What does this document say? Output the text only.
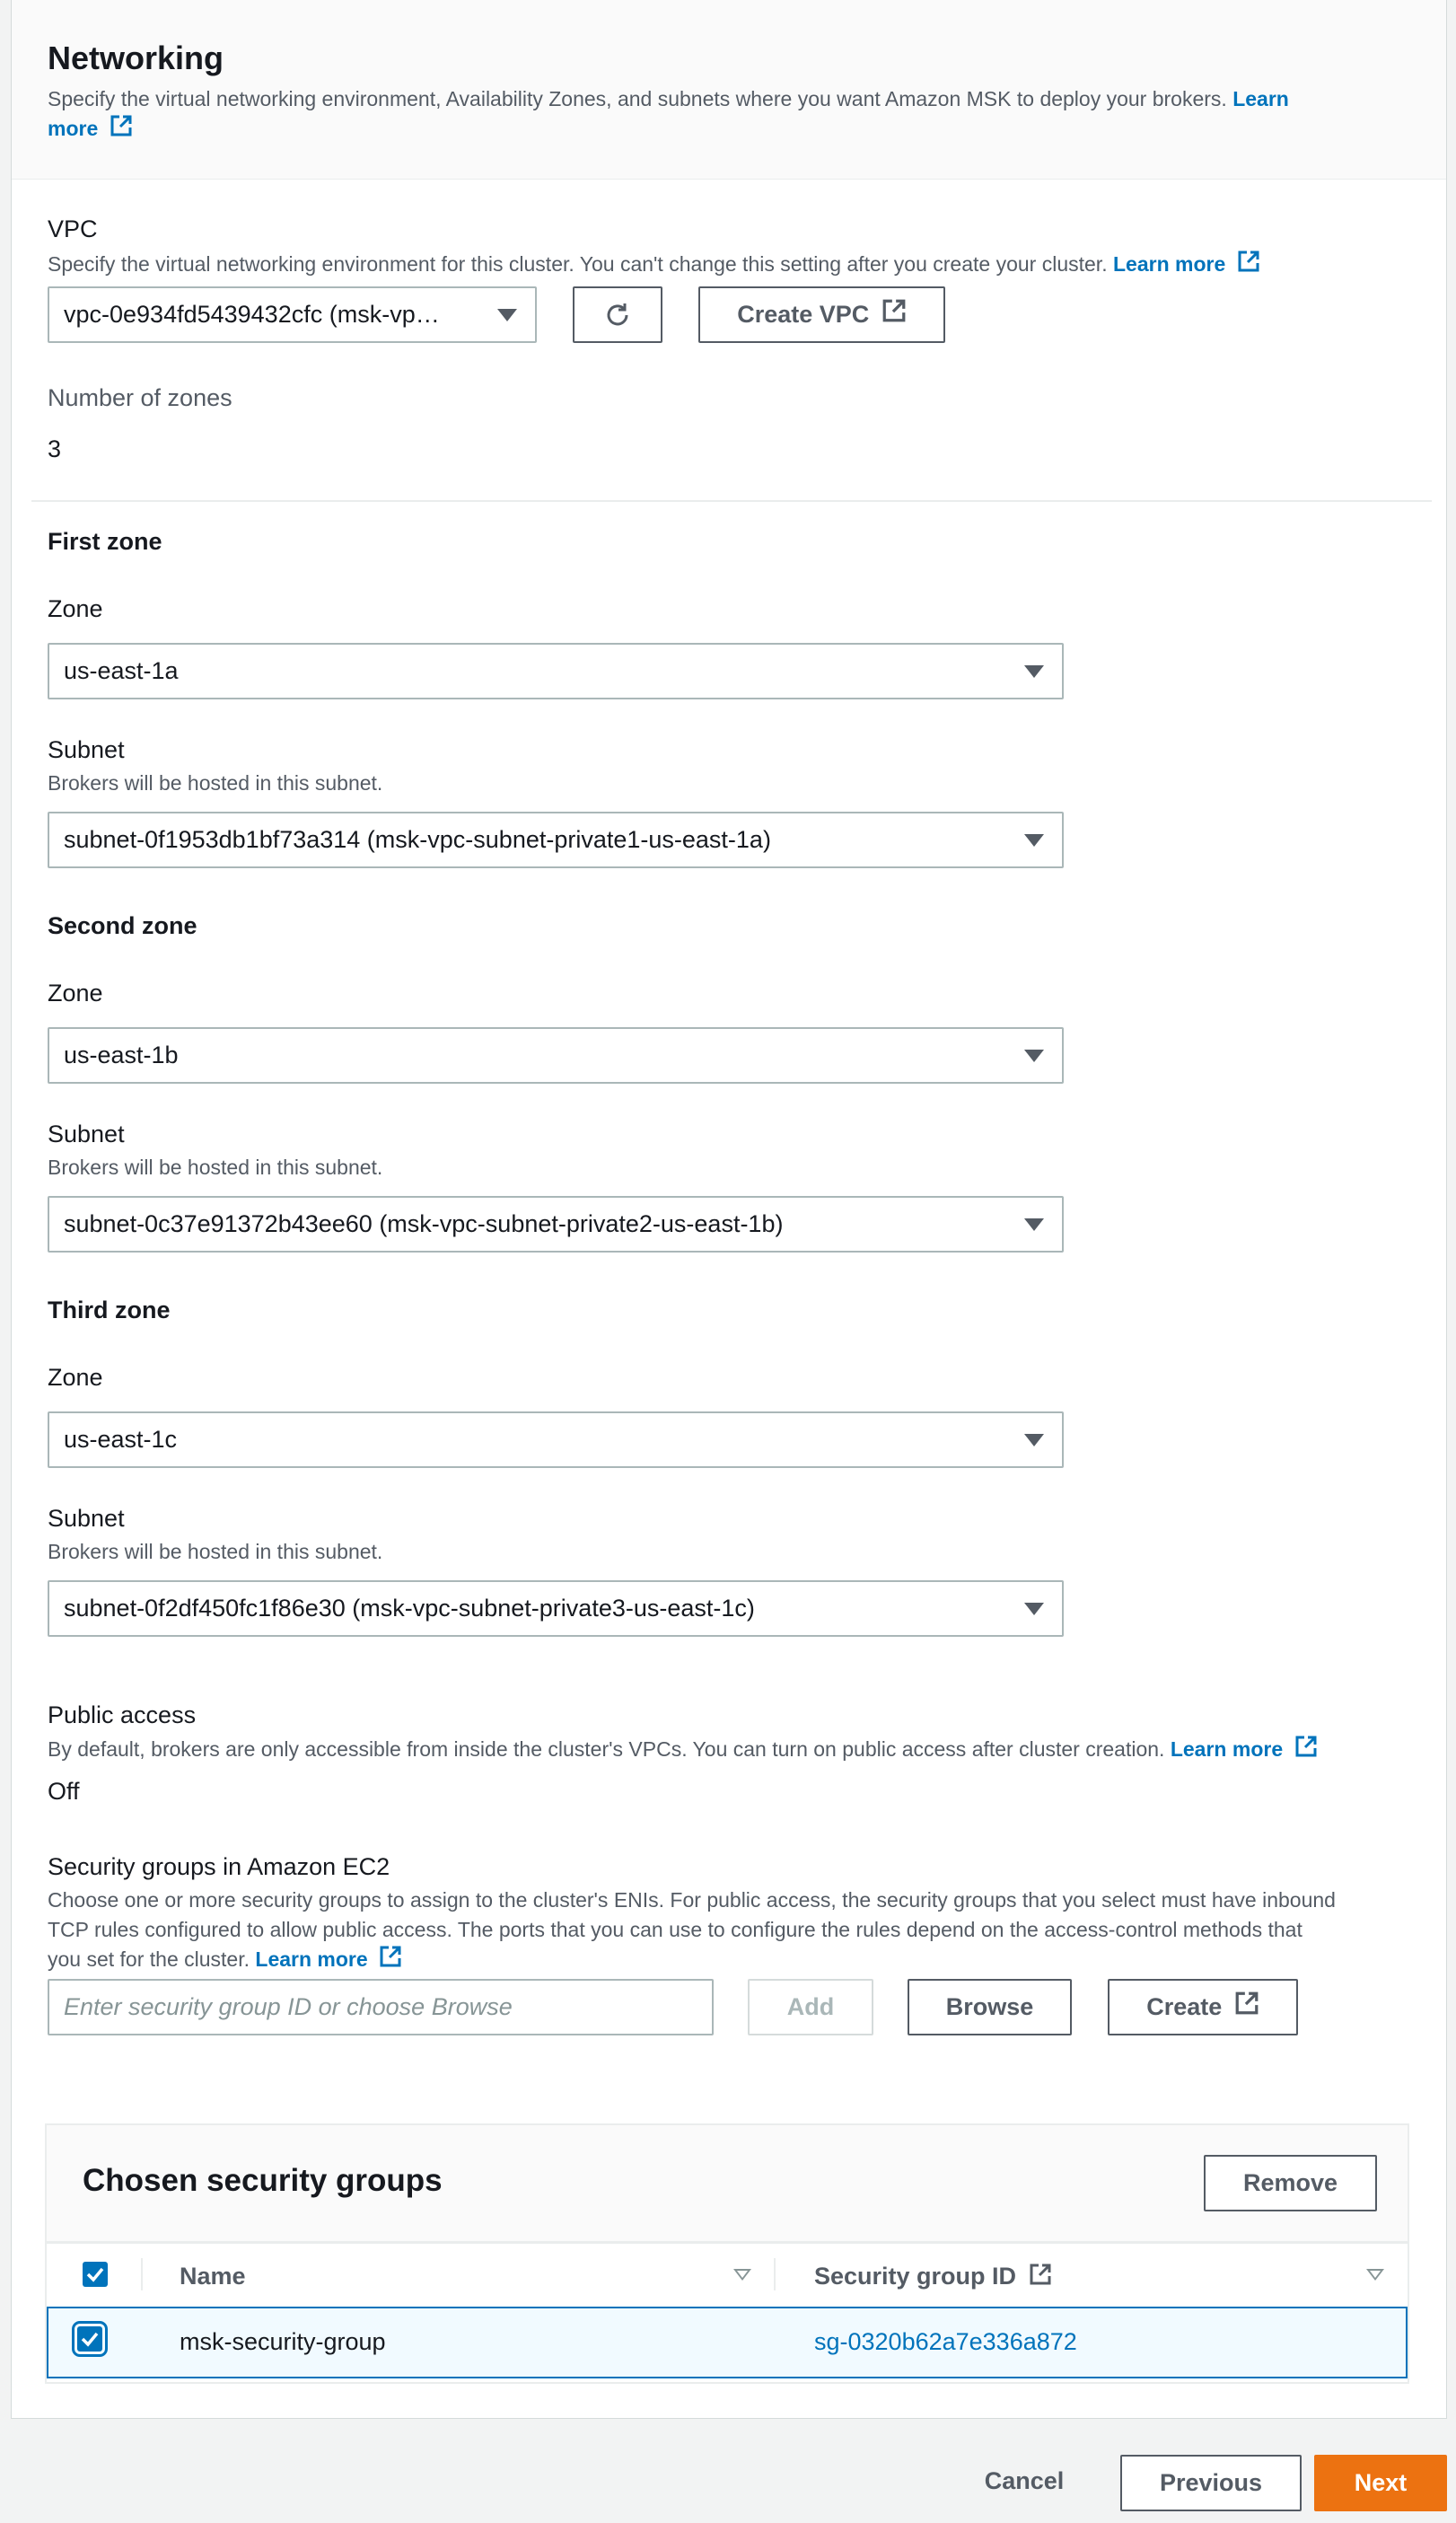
Networking
Specify the virtual networking environment, Availability Zones, and subnets where you want Amazon MSK to deploy your brokers. Learn
more
VPC
Specify the virtual networking environment for this cluster. You can't change this setting after you create your cluster. Learn more
vpc-0e934fd5439432cfc (msk-vp…	Create VPC
Number of zones
3
First zone
Zone
us-east-1a
Subnet
Brokers will be hosted in this subnet.
subnet-0f1953db1bf73a314 (msk-vpc-subnet-private1-us-east-1a)
Second zone
Zone
us-east-1b
Subnet
Brokers will be hosted in this subnet.
subnet-0c37e91372b43ee60 (msk-vpc-subnet-private2-us-east-1b)
Third zone
Zone
us-east-1c
Subnet
Brokers will be hosted in this subnet.
subnet-0f2df450fc1f86e30 (msk-vpc-subnet-private3-us-east-1c)
Public access
By default, brokers are only accessible from inside the cluster's VPCs. You can turn on public access after cluster creation. Learn more
Off
Security groups in Amazon EC2
Choose one or more security groups to assign to the cluster's ENIs. For public access, the security groups that you select must have inbound
TCP rules configured to allow public access. The ports that you can use to configure the rules depend on the access-control methods that
you set for the cluster. Learn more
Enter security group ID or choose Browse
Add	Browse	Create
Chosen security groups	Remove
Name	Security group ID
msk-security-group	sg-0320b62a7e336a872
Cancel	Previous	Next
